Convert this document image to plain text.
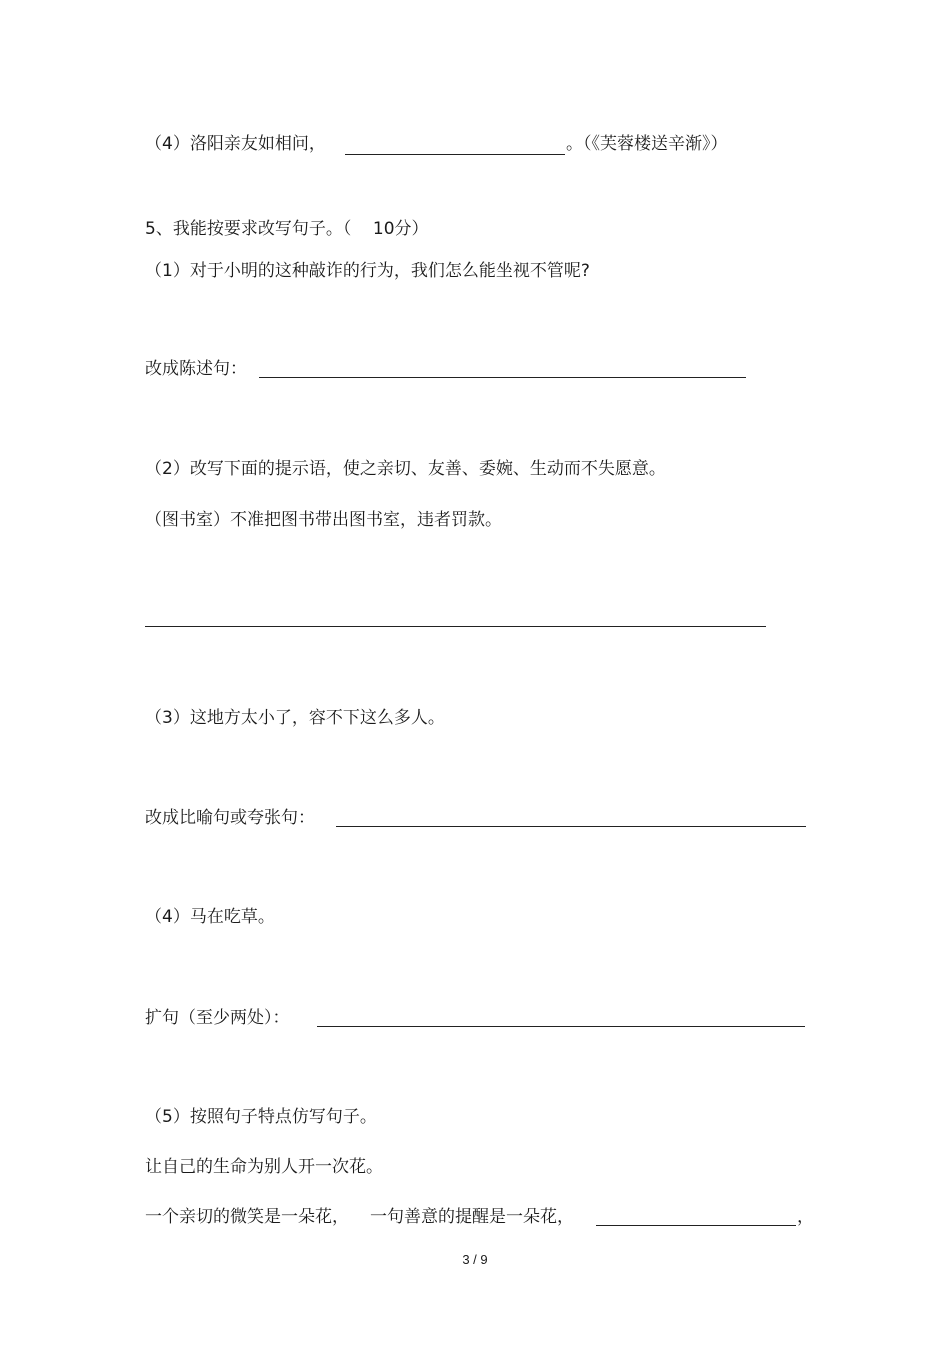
（4）洛阳亲友如相问，	。（《芙蓉楼送辛渐》）
5、我能按要求改写句子。（    10分）
（1）对于小明的这种敲诈的行为，我们怎么能坐视不管呢?
改成陈述句：
（2）改写下面的提示语，使之亲切、友善、委婉、生动而不失愿意。
（图书室）不准把图书带出图书室，违者罚款。
（3）这地方太小了，容不下这么多人。
改成比喻句或夸张句：
（4）马在吃草。
扩句（至少两处）：
（5）按照句子特点仿写句子。
让自己的生命为别人开一次花。
一个亲切的微笑是一朵花， 一句善意的提醒是一朵花，	，
3 / 9
